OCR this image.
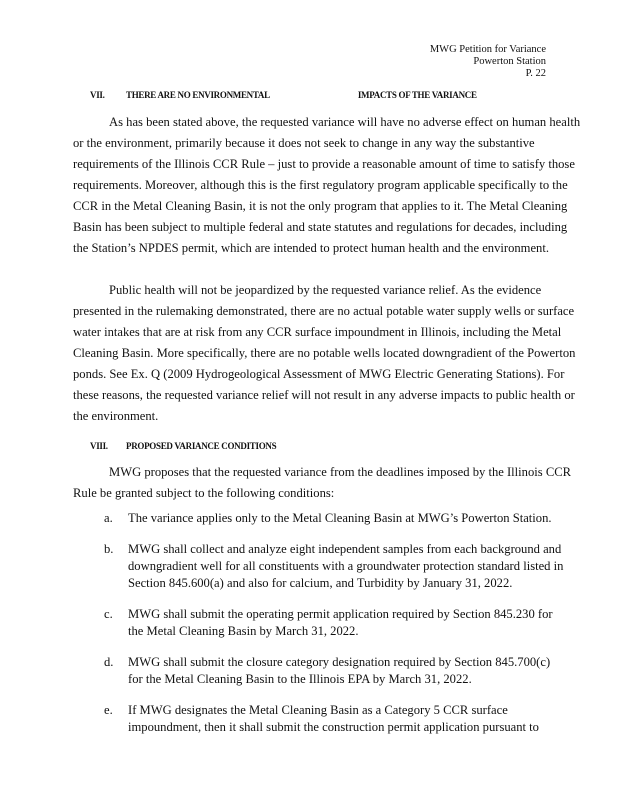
MWG Petition for Variance
Powerton Station
P. 22
VII. THERE ARE NO ENVIRONMENTAL	IMPACTS OF THE VARIANCE

As has been stated above, the requested variance will have no adverse effect on human health or the environment, primarily because it does not seek to change in any way the substantive requirements of the Illinois CCR Rule – just to provide a reasonable amount of time to satisfy those requirements. Moreover, although this is the first regulatory program applicable specifically to the CCR in the Metal Cleaning Basin, it is not the only program that applies to it. The Metal Cleaning Basin has been subject to multiple federal and state statutes and regulations for decades, including the Station’s NPDES permit, which are intended to protect human health and the environment.

Public health will not be jeopardized by the requested variance relief. As the evidence presented in the rulemaking demonstrated, there are no actual potable water supply wells or surface water intakes that are at risk from any CCR surface impoundment in Illinois, including the Metal Cleaning Basin. More specifically, there are no potable wells located downgradient of the Powerton ponds. See Ex. Q (2009 Hydrogeological Assessment of MWG Electric Generating Stations). For these reasons, the requested variance relief will not result in any adverse impacts to public health or the environment.

VIII. PROPOSED VARIANCE CONDITIONS

MWG proposes that the requested variance from the deadlines imposed by the Illinois CCR Rule be granted subject to the following conditions:

a. The variance applies only to the Metal Cleaning Basin at MWG’s Powerton Station.
b. MWG shall collect and analyze eight independent samples from each background and downgradient well for all constituents with a groundwater protection standard listed in Section 845.600(a) and also for calcium, and Turbidity by January 31, 2022.
c. MWG shall submit the operating permit application required by Section 845.230 for the Metal Cleaning Basin by March 31, 2022.
d. MWG shall submit the closure category designation required by Section 845.700(c) for the Metal Cleaning Basin to the Illinois EPA by March 31, 2022.
e. If MWG designates the Metal Cleaning Basin as a Category 5 CCR surface impoundment, then it shall submit the construction permit application pursuant to
